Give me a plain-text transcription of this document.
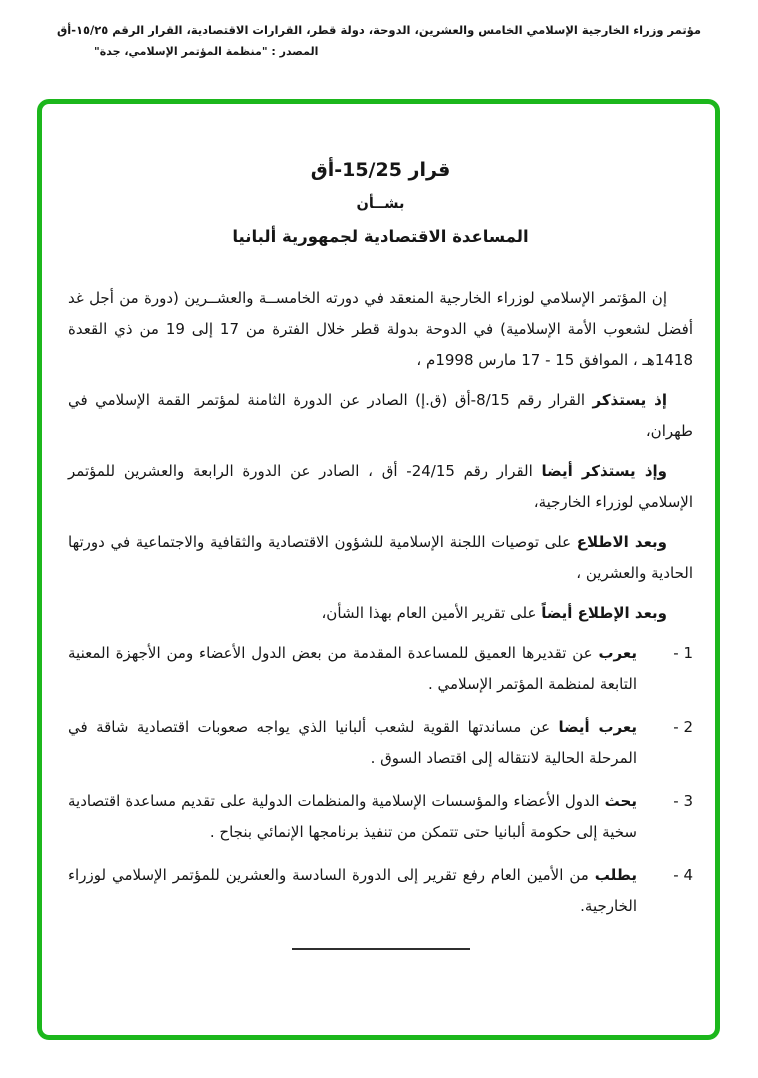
مؤتمر وزراء الخارجية الإسلامي الخامس والعشرين، الدوحة، دولة قطر، القرارات الاقتصادية، القرار الرقم ١٥/٢٥-أق
المصدر : "منظمة المؤتمر الإسلامي، جدة"
قرار 15/25-أق
بشــأن
المساعدة الاقتصادية لجمهورية ألبانيا

إن المؤتمر الإسلامي لوزراء الخارجية المنعقد في دورته الخامســة والعشــرين (دورة من أجل غد أفضل لشعوب الأمة الإسلامية) في الدوحة بدولة قطر خلال الفترة من 17 إلى 19 من ذي القعدة 1418هـ ، الموافق 15 - 17 مارس 1998م ،

إذ يستذكر القرار رقم 8/15-أق (ق.إ) الصادر عن الدورة الثامنة لمؤتمر القمة الإسلامي في طهران،

وإذ يستذكر أيضا القرار رقم 24/15- أق ، الصادر عن الدورة الرابعة والعشرين للمؤتمر الإسلامي لوزراء الخارجية،

وبعد الاطلاع على توصيات اللجنة الإسلامية للشؤون الاقتصادية والثقافية والاجتماعية في دورتها الحادية والعشرين ،

وبعد الإطلاع أيضاً على تقرير الأمين العام بهذا الشأن،

1 -
يعرب عن تقديرها العميق للمساعدة المقدمة من بعض الدول الأعضاء ومن الأجهزة المعنية التابعة لمنظمة المؤتمر الإسلامي .
2 -
يعرب أيضا عن مساندتها القوية لشعب ألبانيا الذي يواجه صعوبات اقتصادية شاقة في المرحلة الحالية لانتقاله إلى اقتصاد السوق .
3 -
يحث الدول الأعضاء والمؤسسات الإسلامية والمنظمات الدولية على تقديم مساعدة اقتصادية سخية إلى حكومة ألبانيا حتى تتمكن من تنفيذ برنامجها الإنمائي بنجاح .
4 -
يطلب من الأمين العام رفع تقرير إلى الدورة السادسة والعشرين للمؤتمر الإسلامي لوزراء الخارجية.
